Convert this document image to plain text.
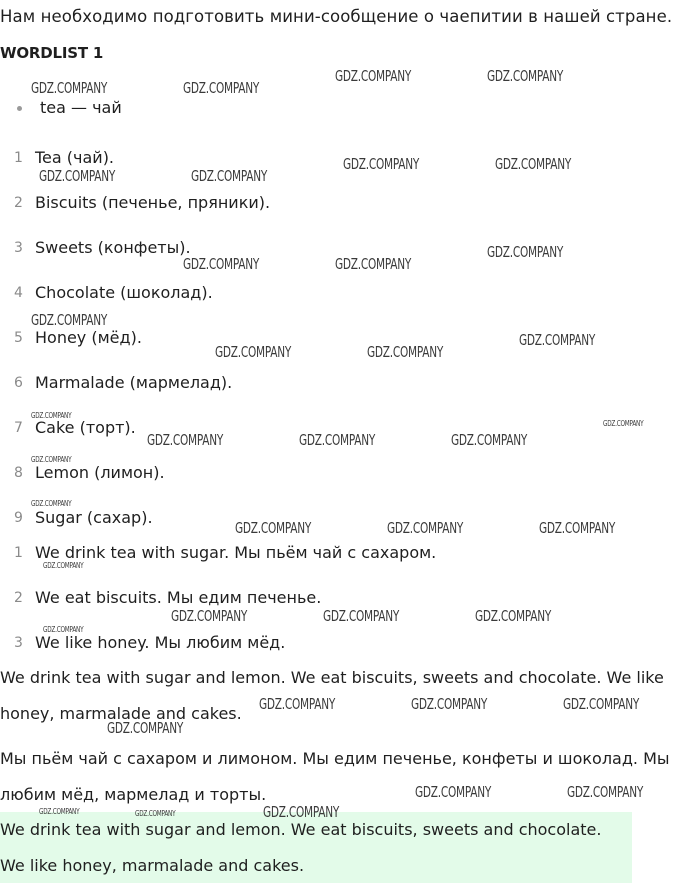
Нам необходимо подготовить мини-сообщение о чаепитии в нашей стране.
WORDLIST 1
tea — чай
1 Tea (чай).
2 Biscuits (печенье, пряники).
3 Sweets (конфеты).
4 Chocolate (шоколад).
5 Honey (мёд).
6 Marmalade (мармелад).
7 Cake (торт).
8 Lemon (лимон).
9 Sugar (сахар).
1 We drink tea with sugar. Мы пьём чай с сахаром.
2 We eat biscuits. Мы едим печенье.
3 We like honey. Мы любим мёд.
We drink tea with sugar and lemon. We eat biscuits, sweets and chocolate. We like honey, marmalade and cakes.
Мы пьём чай с сахаром и лимоном. Мы едим печенье, конфеты и шоколад. Мы любим мёд, мармелад и торты.
We drink tea with sugar and lemon. We eat biscuits, sweets and chocolate.
We like honey, marmalade and cakes.
GDZ.COMPANY	GDZ.COMPANY
GDZ.COMPANY	GDZ.COMPANY
GDZ.COMPANY	GDZ.COMPANY
GDZ.COMPANY	GDZ.COMPANY
GDZ.COMPANY	GDZ.COMPANY
GDZ.COMPANY
GDZ.COMPANY
GDZ.COMPANY	GDZ.COMPANY
GDZ.COMPANY
GDZ.COMPANY
GDZ.COMPANY
GDZ.COMPANY	GDZ.COMPANY	GDZ.COMPANY
GDZ.COMPANY
GDZ.COMPANY
GDZ.COMPANY	GDZ.COMPANY	GDZ.COMPANY
GDZ.COMPANY
GDZ.COMPANY	GDZ.COMPANY	GDZ.COMPANY
GDZ.COMPANY
GDZ.COMPANY	GDZ.COMPANY	GDZ.COMPANY
GDZ.COMPANY
GDZ.COMPANY	GDZ.COMPANY
GDZ.COMPANY
GDZ.COMPANY	GDZ.COMPANY
